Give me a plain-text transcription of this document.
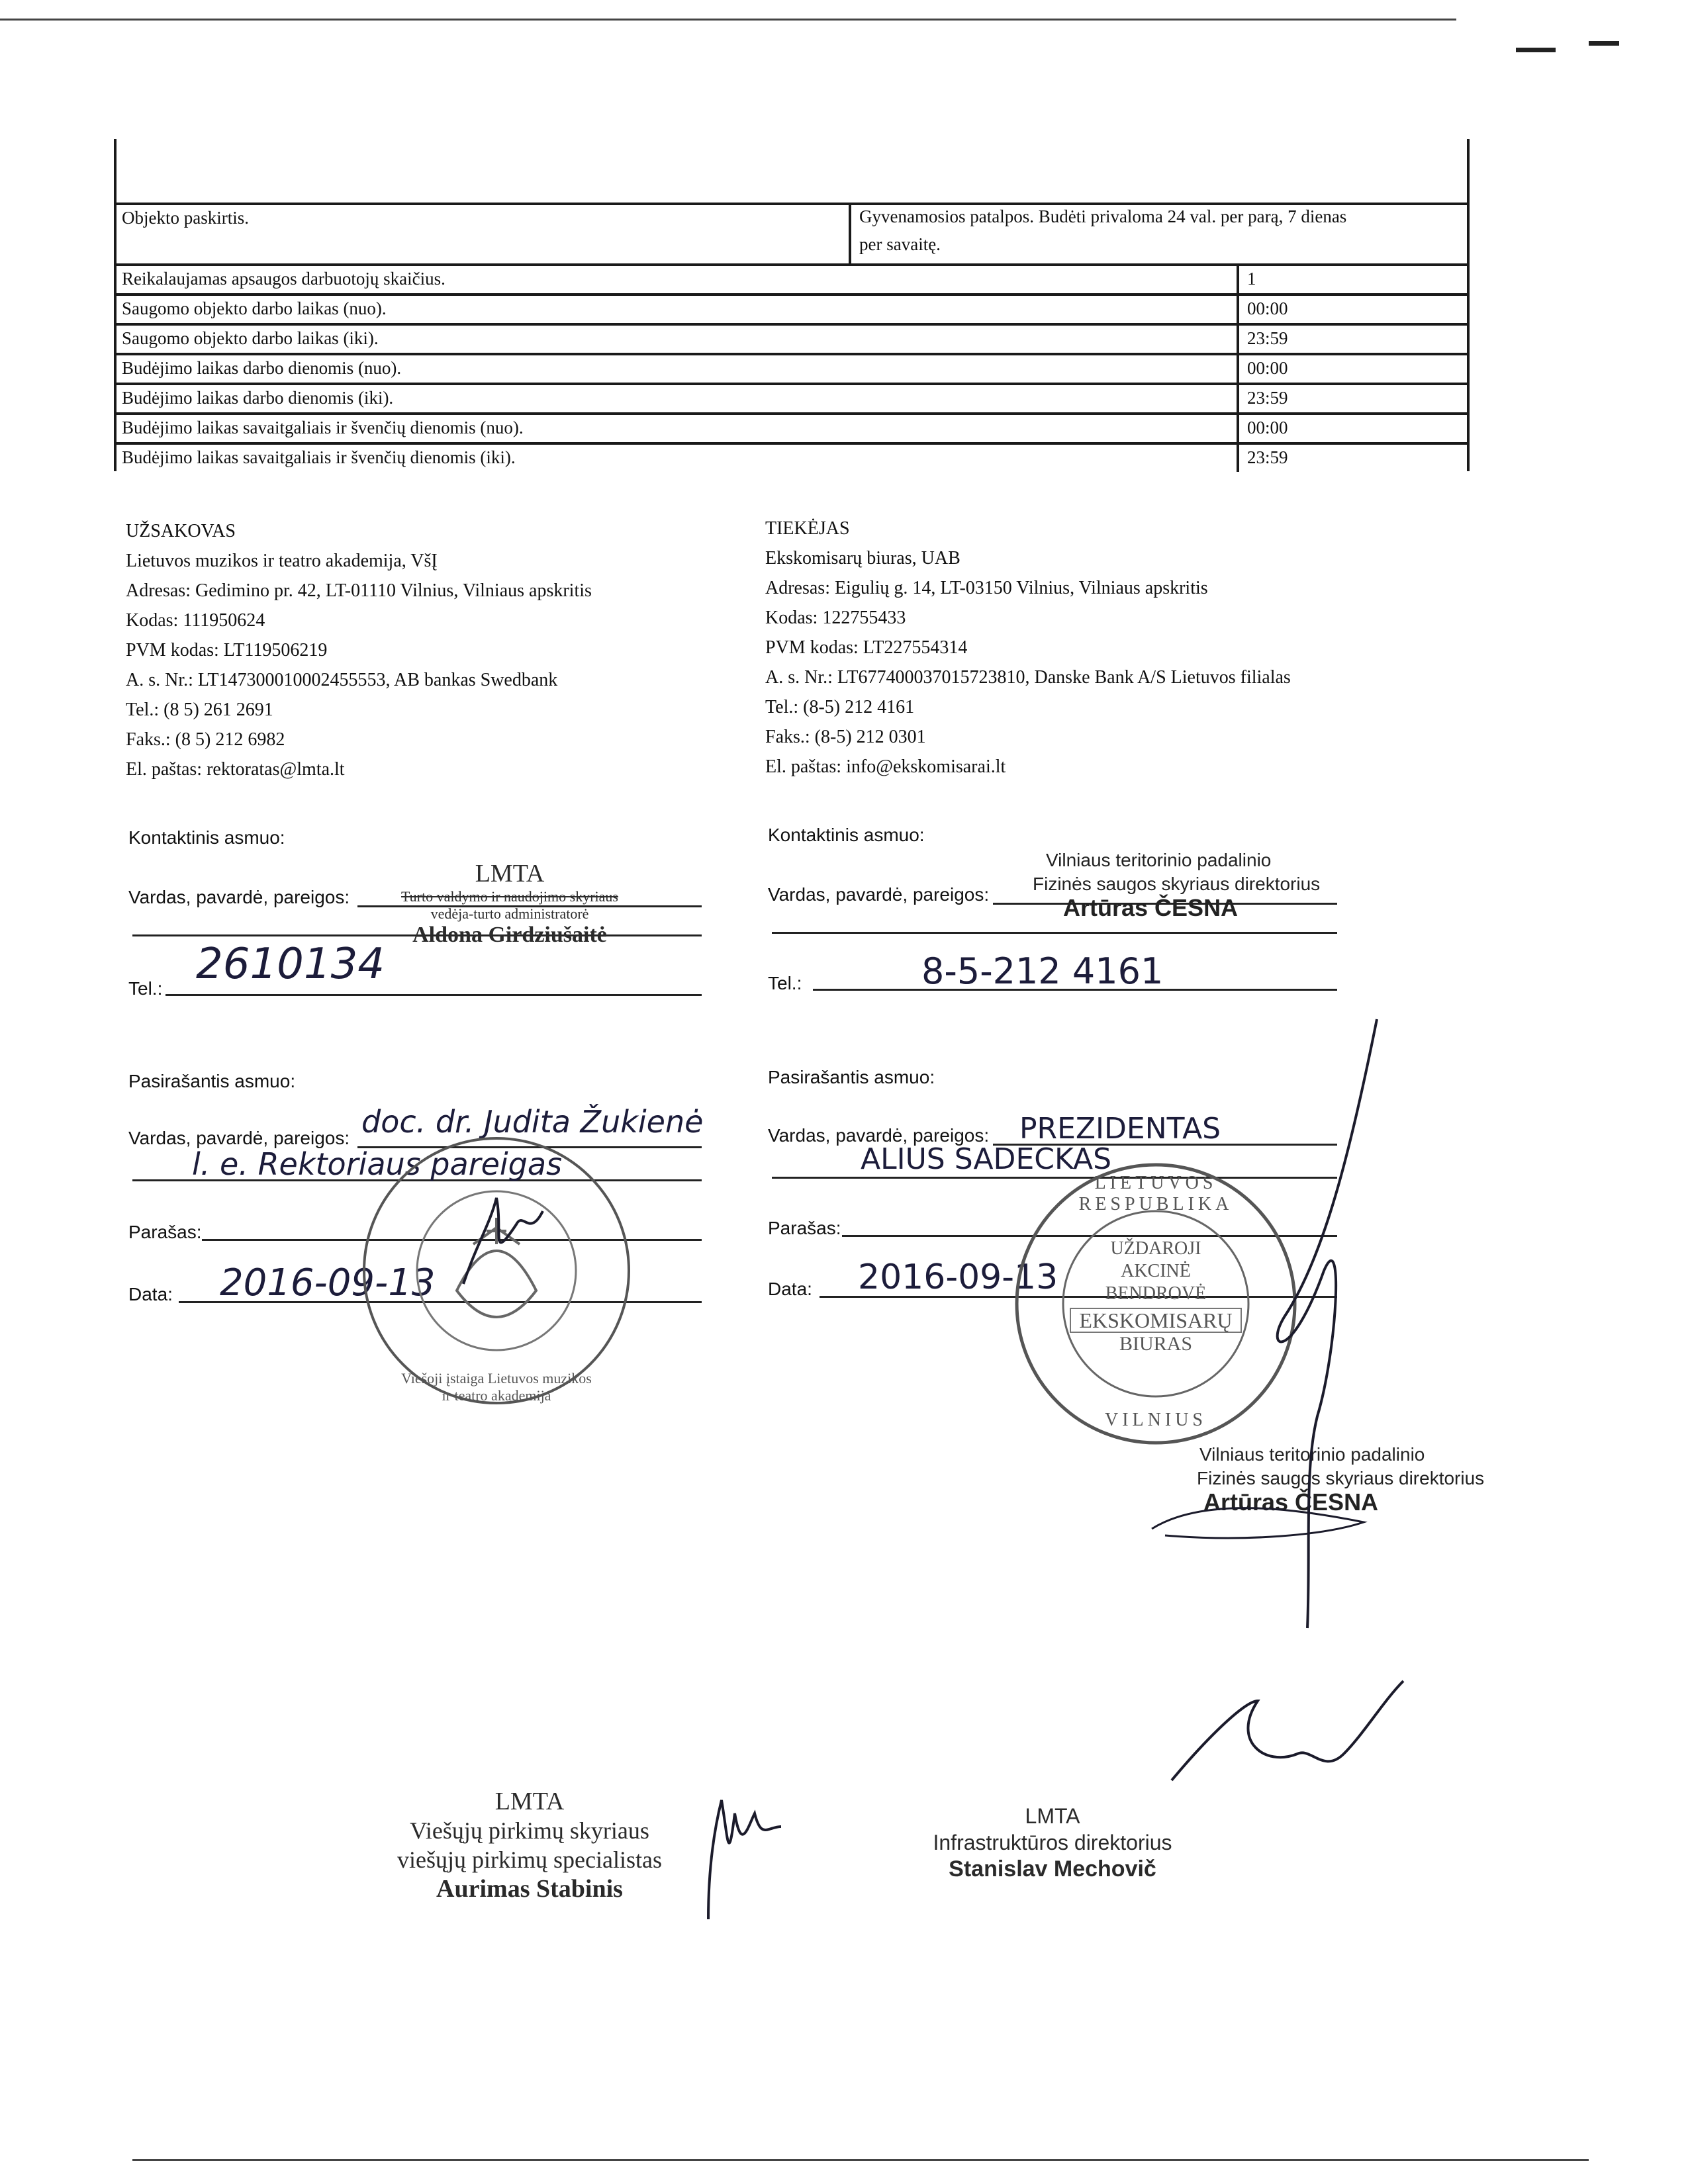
Objekto paskirtis.	Gyvenamosios patalpos. Budėti privaloma 24 val. per parą, 7 dienas
per savaitę.
Reikalaujamas apsaugos darbuotojų skaičius.	1
Saugomo objekto darbo laikas (nuo).	00:00
Saugomo objekto darbo laikas (iki).	23:59
Budėjimo laikas darbo dienomis (nuo).	00:00
Budėjimo laikas darbo dienomis (iki).	23:59
Budėjimo laikas savaitgaliais ir švenčių dienomis (nuo).	00:00
Budėjimo laikas savaitgaliais ir švenčių dienomis (iki).	23:59
UŽSAKOVAS
Lietuvos muzikos ir teatro akademija, VšĮ
Adresas: Gedimino pr. 42, LT-01110 Vilnius, Vilniaus apskritis
Kodas: 111950624
PVM kodas: LT119506219
A. s. Nr.: LT147300010002455553, AB bankas Swedbank
Tel.: (8 5) 261 2691
Faks.: (8 5) 212 6982
El. paštas: rektoratas@lmta.lt
Kontaktinis asmuo:
Vardas, pavardė, pareigos:
LMTA
Turto valdymo ir naudojimo skyriaus
vedėja-turto administratorė
Aldona Girdziušaitė
Tel.: 2610134
Pasirašantis asmuo:
Vardas, pavardė, pareigos: doc. dr. Judita Žukienė
l. e. Rektoriaus pareigas
Parašas:
Data: 2016-09-13
Viešoji įstaiga Lietuvos muzikos ir teatro akademija
TIEKĖJAS
Ekskomisarų biuras, UAB
Adresas: Eigulių g. 14, LT-03150 Vilnius, Vilniaus apskritis
Kodas: 122755433
PVM kodas: LT227554314
A. s. Nr.: LT677400037015723810, Danske Bank A/S Lietuvos filialas
Tel.: (8-5) 212 4161
Faks.: (8-5) 212 0301
El. paštas: info@ekskomisarai.lt
Kontaktinis asmuo:
Vardas, pavardė, pareigos:
Vilniaus teritorinio padalinio
Fizinės saugos skyriaus direktorius
Artūras ČESNA
Tel.:	8-5-212 4161
Pasirašantis asmuo:
Vardas, pavardė, pareigos: PREZIDENTAS
ALIUS SADECKAS
Parašas:
Data: 2016-09-13
LIETUVOS RESPUBLIKA
UŽDAROJI
AKCINĖ
BENDROVĖ
EKSKOMISARŲ
BIURAS
VILNIUS
Vilniaus teritorinio padalinio
Fizinės saugos skyriaus direktorius
Artūras ČESNA
LMTA
Viešųjų pirkimų skyriaus
viešųjų pirkimų specialistas
Aurimas Stabinis
LMTA
Infrastruktūros direktorius
Stanislav Mechovič
